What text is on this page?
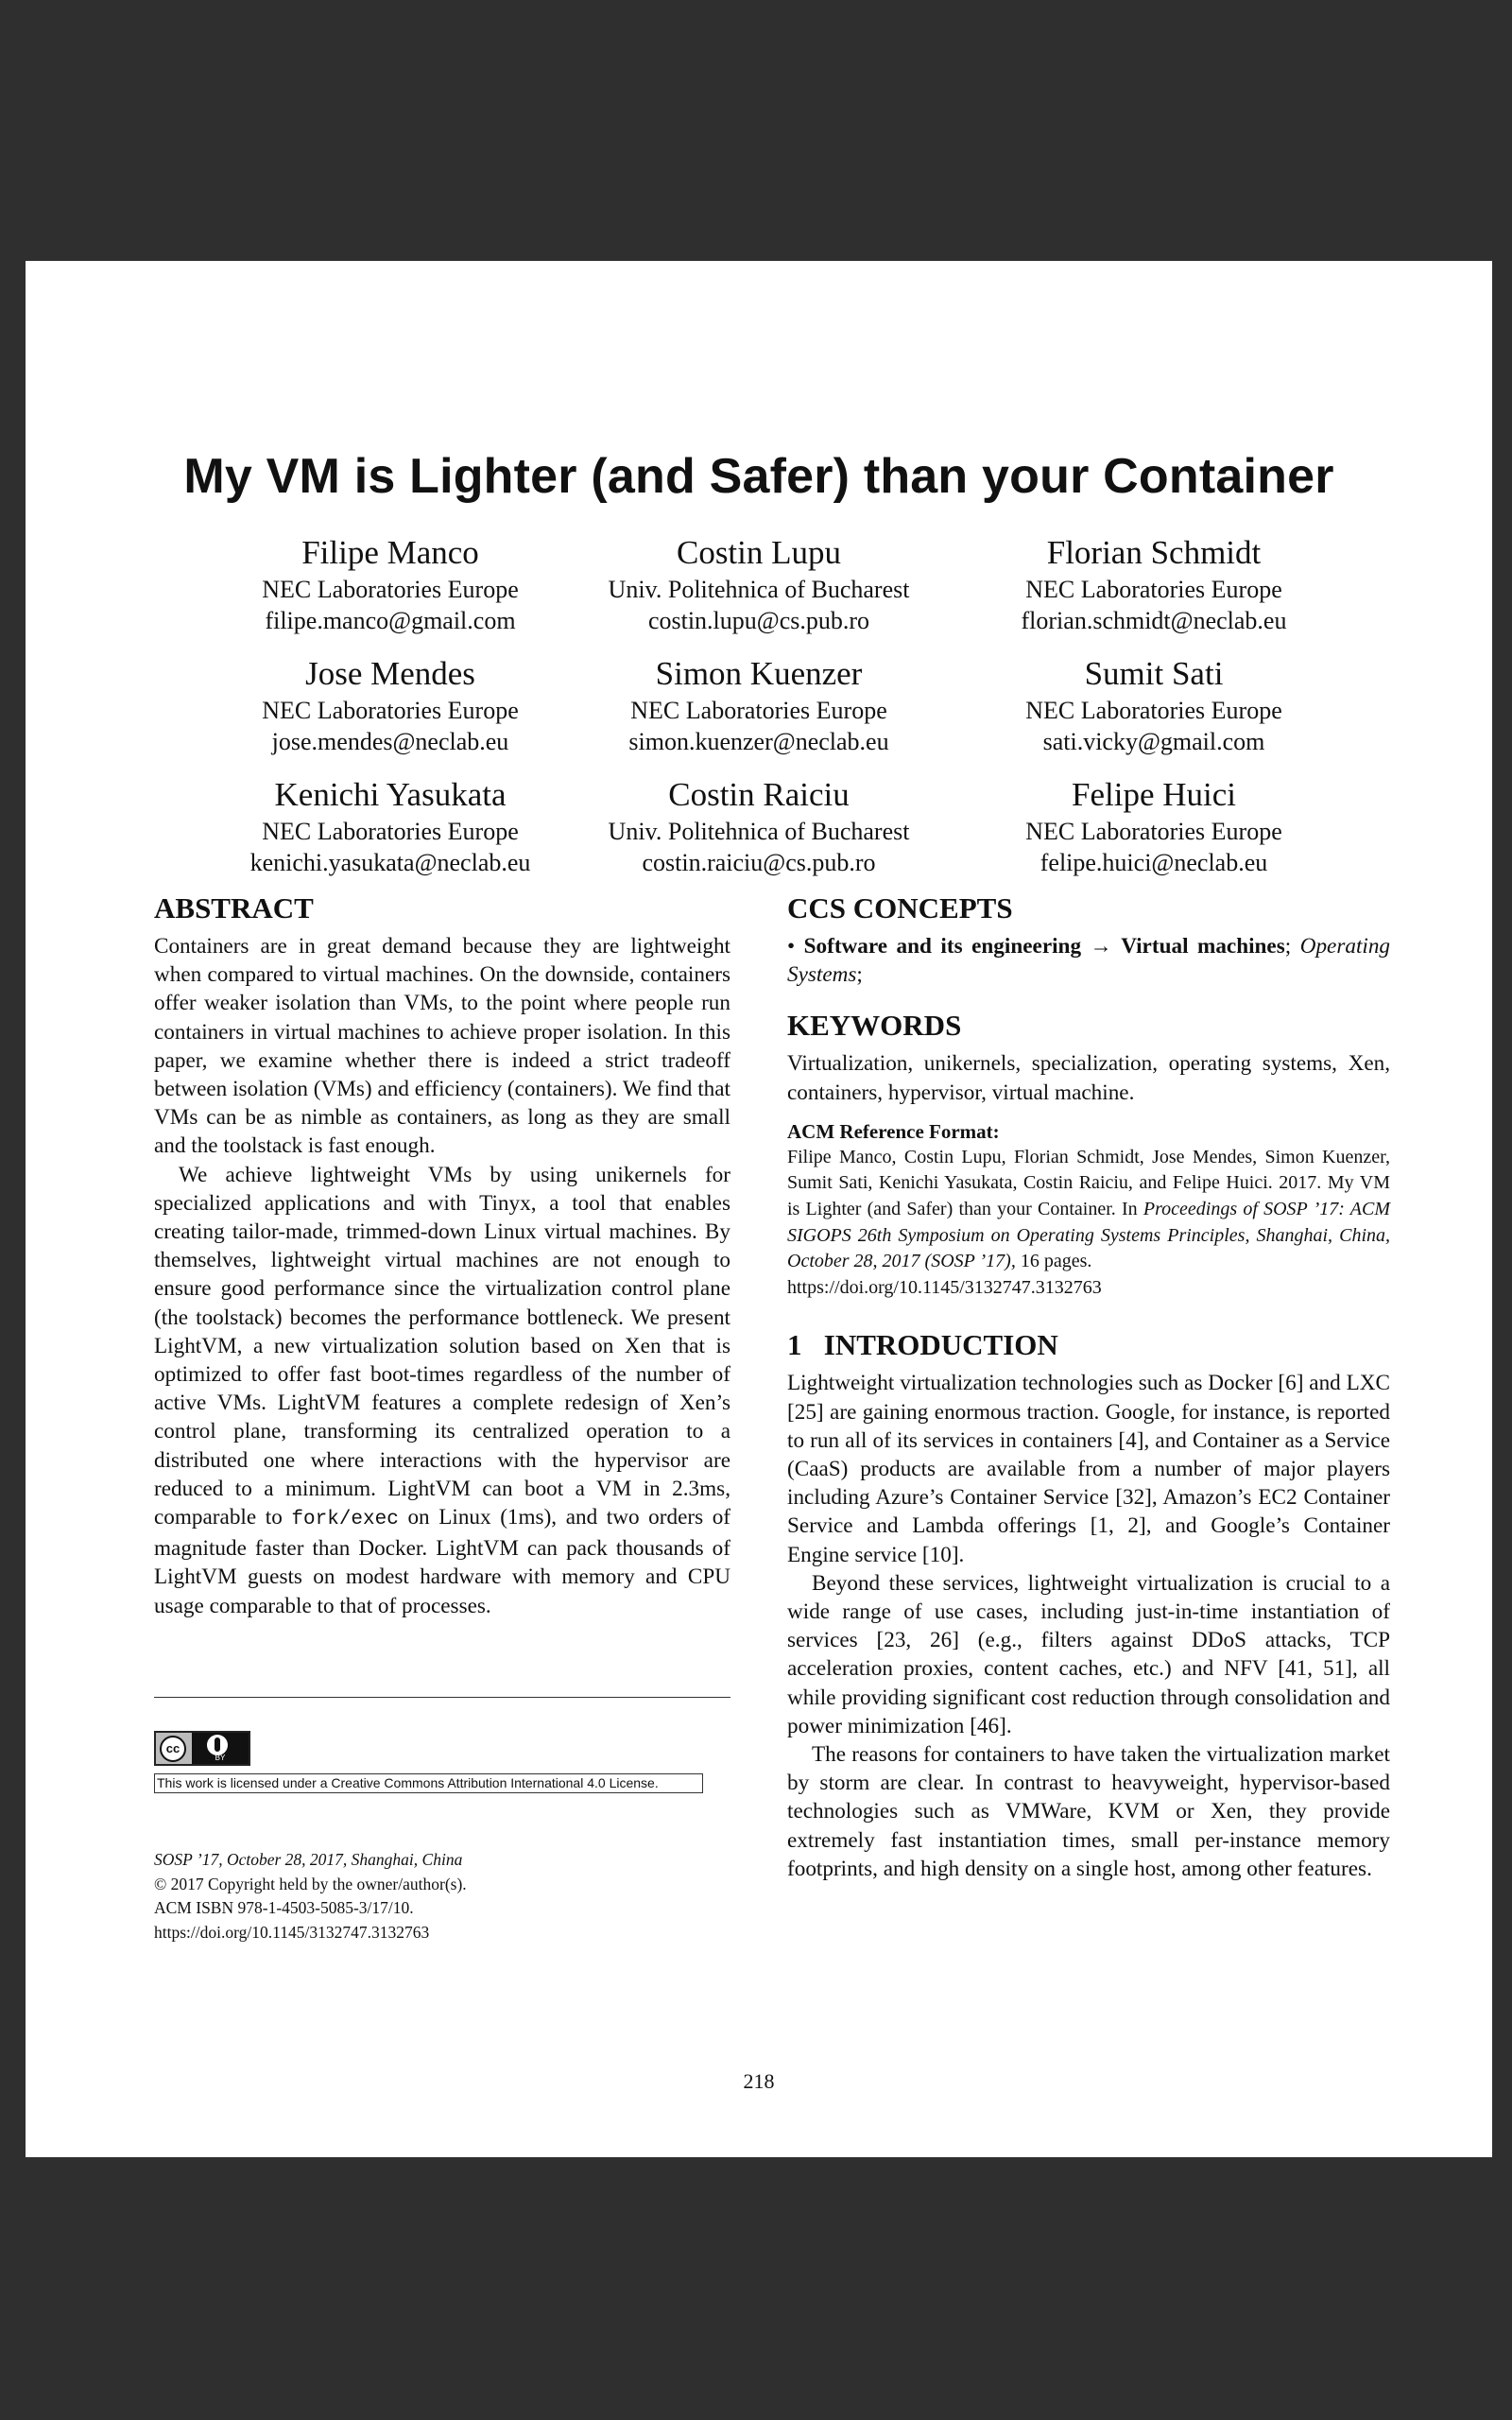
My VM is Lighter (and Safer) than your Container
Filipe Manco
NEC Laboratories Europe
filipe.manco@gmail.com
Costin Lupu
Univ. Politehnica of Bucharest
costin.lupu@cs.pub.ro
Florian Schmidt
NEC Laboratories Europe
florian.schmidt@neclab.eu
Jose Mendes
NEC Laboratories Europe
jose.mendes@neclab.eu
Simon Kuenzer
NEC Laboratories Europe
simon.kuenzer@neclab.eu
Sumit Sati
NEC Laboratories Europe
sati.vicky@gmail.com
Kenichi Yasukata
NEC Laboratories Europe
kenichi.yasukata@neclab.eu
Costin Raiciu
Univ. Politehnica of Bucharest
costin.raiciu@cs.pub.ro
Felipe Huici
NEC Laboratories Europe
felipe.huici@neclab.eu
ABSTRACT

Containers are in great demand because they are lightweight when compared to virtual machines. On the downside, containers offer weaker isolation than VMs, to the point where people run containers in virtual machines to achieve proper isolation. In this paper, we examine whether there is indeed a strict tradeoff between isolation (VMs) and efficiency (containers). We find that VMs can be as nimble as containers, as long as they are small and the toolstack is fast enough.

We achieve lightweight VMs by using unikernels for specialized applications and with Tinyx, a tool that enables creating tailor-made, trimmed-down Linux virtual machines. By themselves, lightweight virtual machines are not enough to ensure good performance since the virtualization control plane (the toolstack) becomes the performance bottleneck. We present LightVM, a new virtualization solution based on Xen that is optimized to offer fast boot-times regardless of the number of active VMs. LightVM features a complete redesign of Xen’s control plane, transforming its centralized operation to a distributed one where interactions with the hypervisor are reduced to a minimum. LightVM can boot a VM in 2.3ms, comparable to fork/exec on Linux (1ms), and two orders of magnitude faster than Docker. LightVM can pack thousands of LightVM guests on modest hardware with memory and CPU usage comparable to that of processes.

cc
BY
This work is licensed under a Creative Commons Attribution International 4.0 License.
SOSP ’17, October 28, 2017, Shanghai, China
© 2017 Copyright held by the owner/author(s).
ACM ISBN 978-1-4503-5085-3/17/10.
https://doi.org/10.1145/3132747.3132763
CCS CONCEPTS

• Software and its engineering → Virtual machines; Operating Systems;

KEYWORDS

Virtualization, unikernels, specialization, operating systems, Xen, containers, hypervisor, virtual machine.

ACM Reference Format:

Filipe Manco, Costin Lupu, Florian Schmidt, Jose Mendes, Simon Kuenzer, Sumit Sati, Kenichi Yasukata, Costin Raiciu, and Felipe Huici. 2017. My VM is Lighter (and Safer) than your Container. In Proceedings of SOSP ’17: ACM SIGOPS 26th Symposium on Operating Systems Principles, Shanghai, China, October 28, 2017 (SOSP ’17), 16 pages.

https://doi.org/10.1145/3132747.3132763
1 INTRODUCTION

Lightweight virtualization technologies such as Docker [6] and LXC [25] are gaining enormous traction. Google, for instance, is reported to run all of its services in containers [4], and Container as a Service (CaaS) products are available from a number of major players including Azure’s Container Service [32], Amazon’s EC2 Container Service and Lambda offerings [1, 2], and Google’s Container Engine service [10].

Beyond these services, lightweight virtualization is crucial to a wide range of use cases, including just-in-time instantiation of services [23, 26] (e.g., filters against DDoS attacks, TCP acceleration proxies, content caches, etc.) and NFV [41, 51], all while providing significant cost reduction through consolidation and power minimization [46].

The reasons for containers to have taken the virtualization market by storm are clear. In contrast to heavyweight, hypervisor-based technologies such as VMWare, KVM or Xen, they provide extremely fast instantiation times, small per-instance memory footprints, and high density on a single host, among other features.

218
